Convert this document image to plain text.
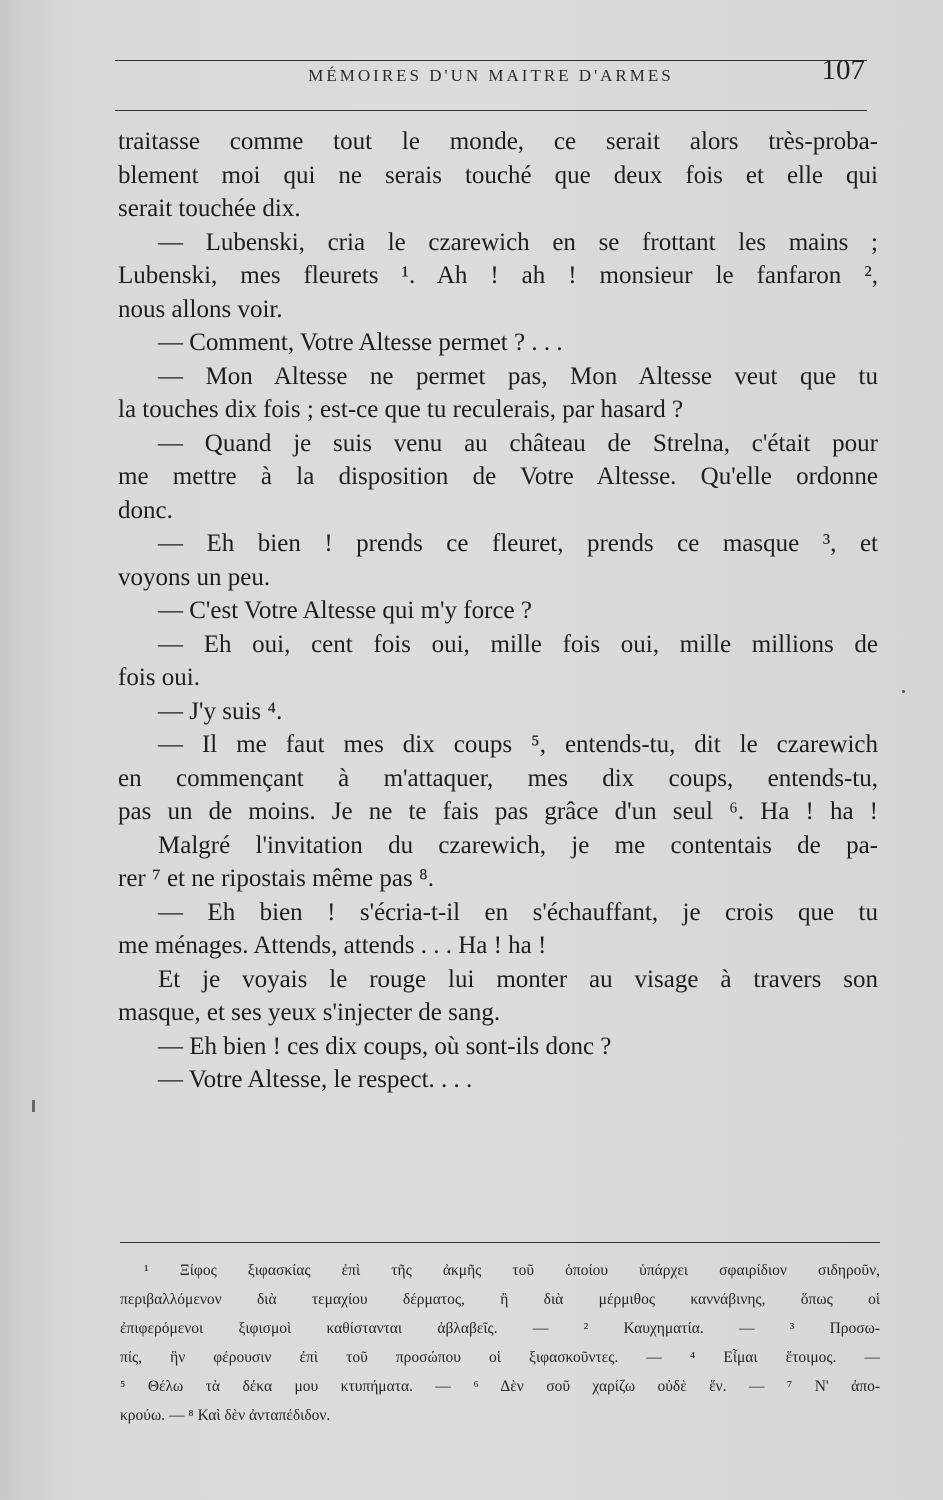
MÉMOIRES D'UN MAITRE D'ARMES	107
traitasse comme tout le monde, ce serait alors très-proba-
blement moi qui ne serais touché que deux fois et elle qui
serait touchée dix.
— Lubenski, cria le czarewich en se frottant les mains ;
Lubenski, mes fleurets ¹. Ah ! ah ! monsieur le fanfaron ²,
nous allons voir.
— Comment, Votre Altesse permet ? . . .
— Mon Altesse ne permet pas, Mon Altesse veut que tu
la touches dix fois ; est-ce que tu reculerais, par hasard ?
— Quand je suis venu au château de Strelna, c'était pour
me mettre à la disposition de Votre Altesse. Qu'elle ordonne
donc.
— Eh bien ! prends ce fleuret, prends ce masque ³, et
voyons un peu.
— C'est Votre Altesse qui m'y force ?
— Eh oui, cent fois oui, mille fois oui, mille millions de
fois oui.
— J'y suis ⁴.
— Il me faut mes dix coups ⁵, entends-tu, dit le czarewich
en commençant à m'attaquer, mes dix coups, entends-tu,
pas un de moins. Je ne te fais pas grâce d'un seul ⁶. Ha ! ha !
Malgré l'invitation du czarewich, je me contentais de pa-
rer ⁷ et ne ripostais même pas ⁸.
— Eh bien ! s'écria-t-il en s'échauffant, je crois que tu
me ménages. Attends, attends . . . Ha ! ha !
Et je voyais le rouge lui monter au visage à travers son
masque, et ses yeux s'injecter de sang.
— Eh bien ! ces dix coups, où sont-ils donc ?
— Votre Altesse, le respect. . . .
¹ Ξίφος ξιφασκίας ἐπὶ τῆς ἀκμῆς τοῦ ὁποίου ὑπάρχει σφαιρίδιον σιδηροῦν,
περιβαλλόμενον διὰ τεμαχίου δέρματος, ἢ διὰ μέρμιθος καννάβινης, ὅπως οἱ
ἐπιφερόμενοι ξιφισμοὶ καθίστανται ἀβλαβεῖς. — ² Καυχηματία. — ³ Προσω-
πίς, ἣν φέρουσιν ἐπὶ τοῦ προσώπου οἱ ξιφασκοῦντες. — ⁴ Εἶμαι ἕτοιμος. —
⁵ Θέλω τὰ δέκα μου κτυπήματα. — ⁶ Δὲν σοῦ χαρίζω οὐδὲ ἕν. — ⁷ Ν' ἀπο-
κρούω. — ⁸ Καὶ δὲν ἀνταπέδιδον.
